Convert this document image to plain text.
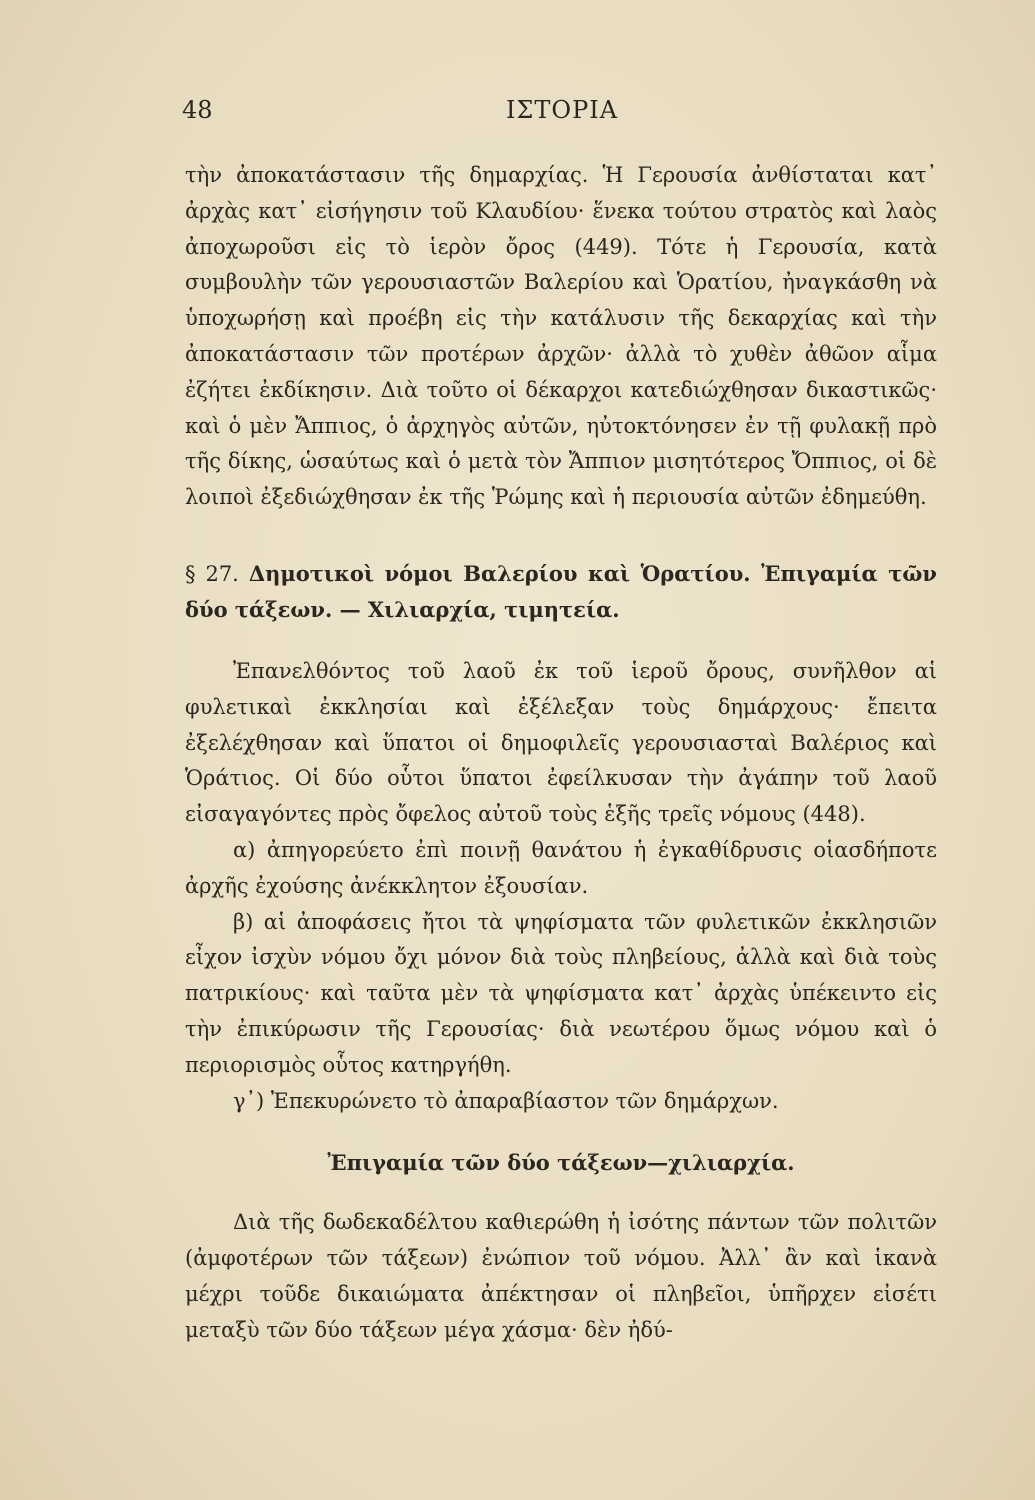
48	ΙΣΤΟΡΙΑ

τὴν ἀποκατάστασιν τῆς δημαρχίας. Ἡ Γερουσία ἀνθίσταται κατ᾽ ἀρχὰς κατ᾽ εἰσήγησιν τοῦ Κλαυδίου· ἕνεκα τούτου στρατὸς καὶ λαὸς ἀποχωροῦσι εἰς τὸ ἱερὸν ὄρος (449). Τότε ἡ Γερουσία, κατὰ συμβουλὴν τῶν γερουσιαστῶν Βαλερίου καὶ Ὁρατίου, ἠναγκάσθη νὰ ὑποχωρήσῃ καὶ προέβη εἰς τὴν κατάλυσιν τῆς δεκαρχίας καὶ τὴν ἀποκατάστασιν τῶν προτέρων ἀρχῶν· ἀλλὰ τὸ χυθὲν ἀθῶον αἷμα ἐζήτει ἐκδίκησιν. Διὰ τοῦτο οἱ δέκαρχοι κατεδιώχθησαν δικαστικῶς· καὶ ὁ μὲν Ἄππιος, ὁ ἀρχηγὸς αὐτῶν, ηὐτοκτόνησεν ἐν τῇ φυλακῇ πρὸ τῆς δίκης, ὡσαύτως καὶ ὁ μετὰ τὸν Ἄππιον μισητότερος Ὄππιος, οἱ δὲ λοιποὶ ἐξεδιώχθησαν ἐκ τῆς Ῥώμης καὶ ἡ περιουσία αὐτῶν ἐδημεύθη.

§ 27. Δημοτικοὶ νόμοι Βαλερίου καὶ Ὁρατίου. Ἐπιγαμία τῶν δύο τάξεων. — Χιλιαρχία, τιμητεία.

Ἐπανελθόντος τοῦ λαοῦ ἐκ τοῦ ἱεροῦ ὄρους, συνῆλθον αἱ φυλετικαὶ ἐκκλησίαι καὶ ἐξέλεξαν τοὺς δημάρχους· ἔπειτα ἐξελέχθησαν καὶ ὕπατοι οἱ δημοφιλεῖς γερουσιασταὶ Βαλέριος καὶ Ὁράτιος. Οἱ δύο οὗτοι ὕπατοι ἐφείλκυσαν τὴν ἀγάπην τοῦ λαοῦ εἰσαγαγόντες πρὸς ὄφελος αὐτοῦ τοὺς ἑξῆς τρεῖς νόμους (448).

α) ἀπηγορεύετο ἐπὶ ποινῇ θανάτου ἡ ἐγκαθίδρυσις οἱασδήποτε ἀρχῆς ἐχούσης ἀνέκκλητον ἐξουσίαν.

β) αἱ ἀποφάσεις ἤτοι τὰ ψηφίσματα τῶν φυλετικῶν ἐκκλησιῶν εἶχον ἰσχὺν νόμου ὄχι μόνον διὰ τοὺς πληβείους, ἀλλὰ καὶ διὰ τοὺς πατρικίους· καὶ ταῦτα μὲν τὰ ψηφίσματα κατ᾽ ἀρχὰς ὑπέκειντο εἰς τὴν ἐπικύρωσιν τῆς Γερουσίας· διὰ νεωτέρου ὅμως νόμου καὶ ὁ περιορισμὸς οὗτος κατηργήθη.

γ᾽) Ἐπεκυρώνετο τὸ ἀπαραβίαστον τῶν δημάρχων.

Ἐπιγαμία τῶν δύο τάξεων—χιλιαρχία.

Διὰ τῆς δωδεκαδέλτου καθιερώθη ἡ ἰσότης πάντων τῶν πολιτῶν (ἀμφοτέρων τῶν τάξεων) ἐνώπιον τοῦ νόμου. Ἀλλ᾽ ἂν καὶ ἱκανὰ μέχρι τοῦδε δικαιώματα ἀπέκτησαν οἱ πληβεῖοι, ὑπῆρχεν εἰσέτι μεταξὺ τῶν δύο τάξεων μέγα χάσμα· δὲν ἠδύ-
